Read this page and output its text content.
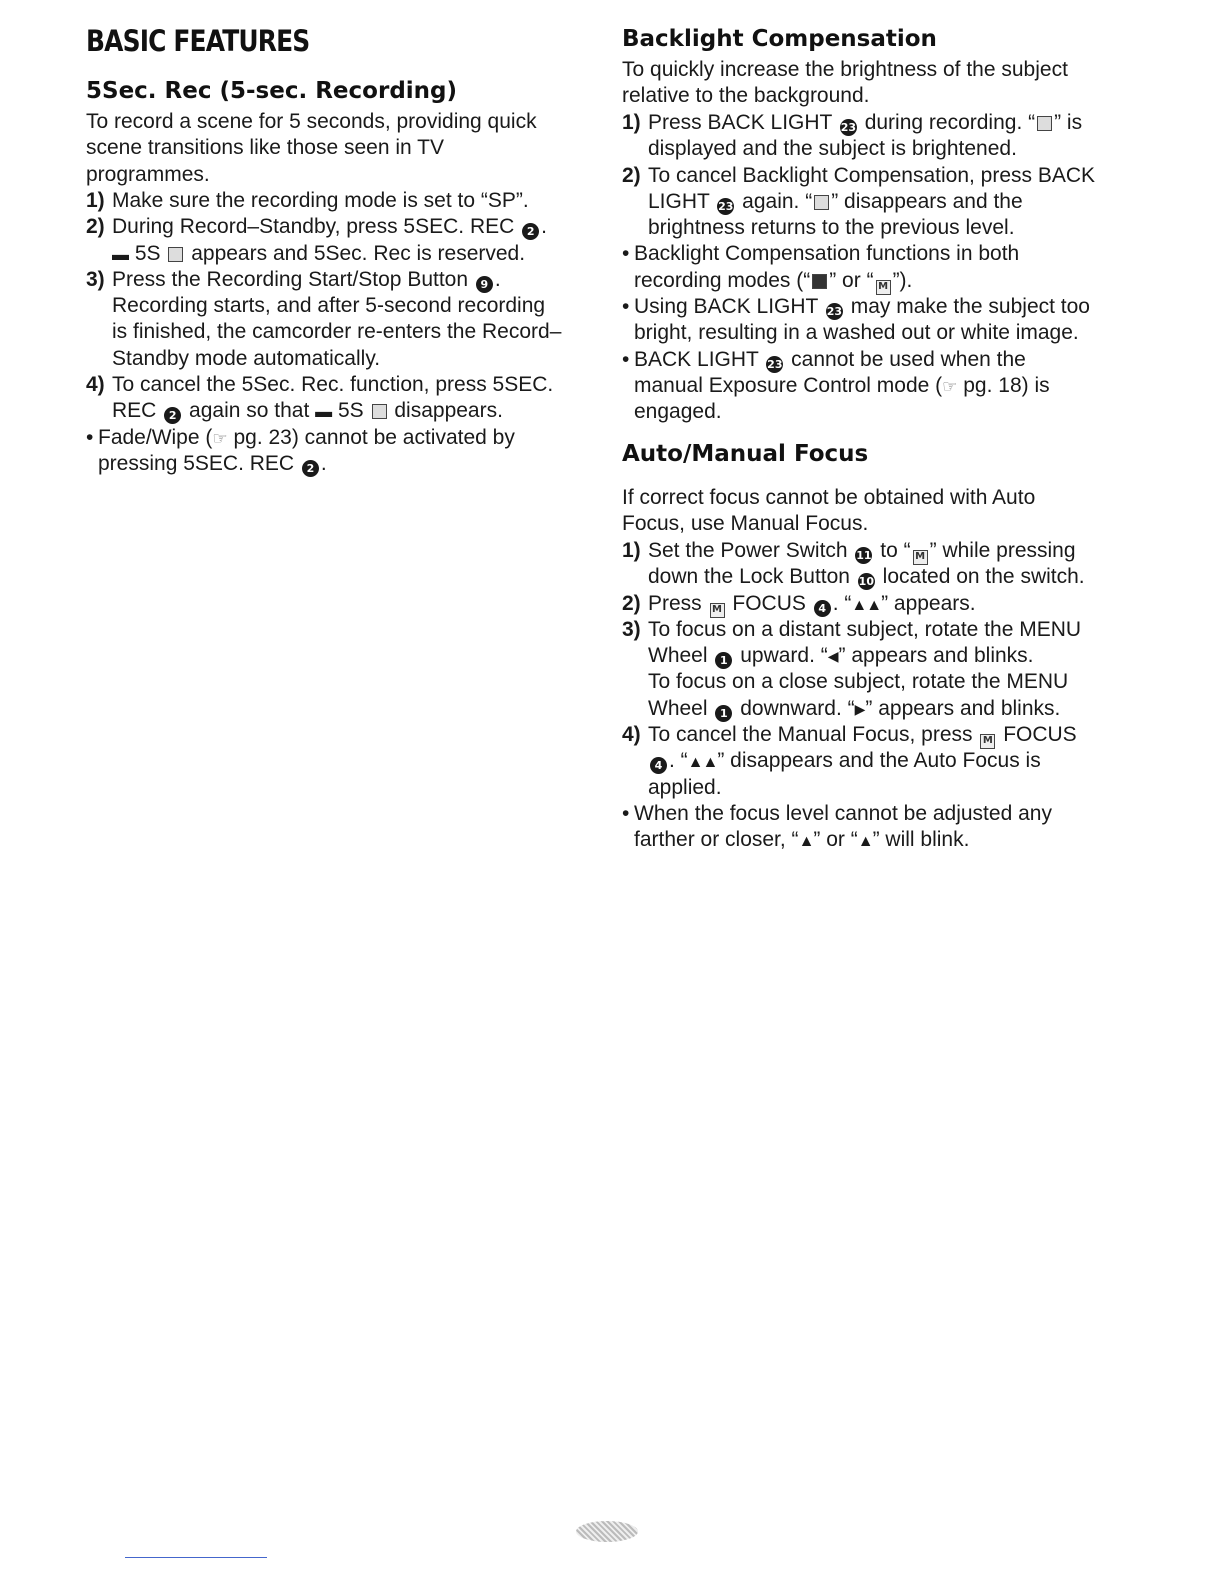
BASIC FEATURES
5Sec. Rec (5-sec. Recording)
To record a scene for 5 seconds, providing quick
scene transitions like those seen in TV
programmes.
1) Make sure the recording mode is set to “SP”.
2) During Record–Standby, press 5SEC. REC 2 .
▬ 5S appears and 5Sec. Rec is reserved.
3) Press the Recording Start/Stop Button 9 .
Recording starts, and after 5-second recording
is finished, the camcorder re-enters the Record–
Standby mode automatically.
4) To cancel the 5Sec. Rec. function, press 5SEC.
REC 2 again so that ▬ 5S disappears.
• Fade/Wipe (☞ pg. 23) cannot be activated by
pressing 5SEC. REC 2 .
Backlight Compensation
To quickly increase the brightness of the subject
relative to the background.
1) Press BACK LIGHT 23 during recording. “ ” is
displayed and the subject is brightened.
2) To cancel Backlight Compensation, press BACK
LIGHT 23 again. “ ” disappears and the
brightness returns to the previous level.
• Backlight Compensation functions in both
recording modes (“ ” or “ M ”).
• Using BACK LIGHT 23 may make the subject too
bright, resulting in a washed out or white image.
• BACK LIGHT 23 cannot be used when the
manual Exposure Control mode (☞ pg. 18) is
engaged.
Auto/Manual Focus
If correct focus cannot be obtained with Auto
Focus, use Manual Focus.
1) Set the Power Switch 11 to “ M ” while pressing
down the Lock Button 10 located on the switch.
2) Press M FOCUS 4 . “▲▲” appears.
3) To focus on a distant subject, rotate the MENU
Wheel 1 upward. “◀” appears and blinks.
To focus on a close subject, rotate the MENU
Wheel 1 downward. “▶” appears and blinks.
4) To cancel the Manual Focus, press M FOCUS
4 . “▲▲” disappears and the Auto Focus is
applied.
• When the focus level cannot be adjusted any
farther or closer, “▲” or “▲” will blink.
